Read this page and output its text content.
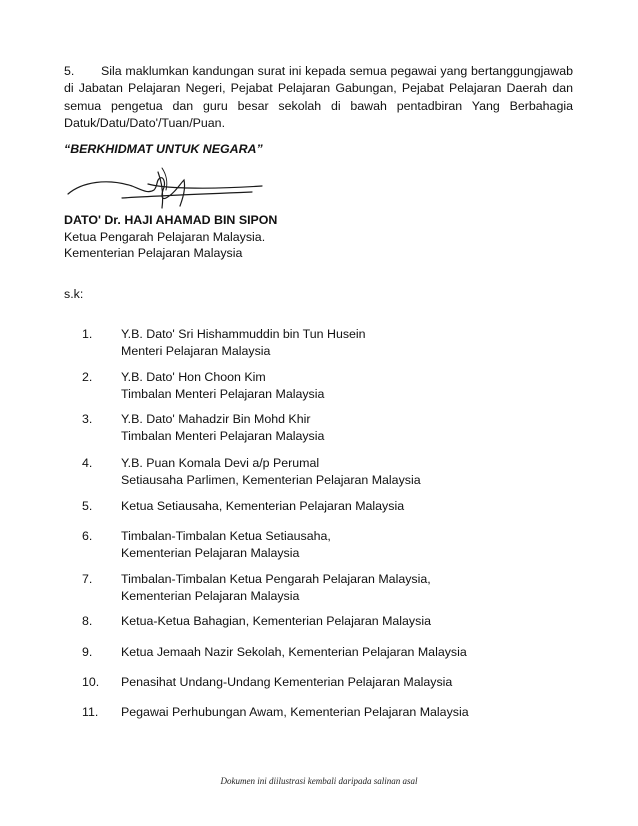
5. Sila maklumkan kandungan surat ini kepada semua pegawai yang bertanggungjawab di Jabatan Pelajaran Negeri, Pejabat Pelajaran Gabungan, Pejabat Pelajaran Daerah dan semua pengetua dan guru besar sekolah di bawah pentadbiran Yang Berbahagia Datuk/Datu/Dato'/Tuan/Puan.
“BERKHIDMAT UNTUK NEGARA”
DATO' Dr. HAJI AHAMAD BIN SIPON
Ketua Pengarah Pelajaran Malaysia.
Kementerian Pelajaran Malaysia
s.k:
1. Y.B. Dato' Sri Hishammuddin bin Tun Husein
Menteri Pelajaran Malaysia
2. Y.B. Dato' Hon Choon Kim
Timbalan Menteri Pelajaran Malaysia
3. Y.B. Dato' Mahadzir Bin Mohd Khir
Timbalan Menteri Pelajaran Malaysia
4. Y.B. Puan Komala Devi a/p Perumal
Setiausaha Parlimen, Kementerian Pelajaran Malaysia
5. Ketua Setiausaha, Kementerian Pelajaran Malaysia
6. Timbalan-Timbalan Ketua Setiausaha,
Kementerian Pelajaran Malaysia
7. Timbalan-Timbalan Ketua Pengarah Pelajaran Malaysia,
Kementerian Pelajaran Malaysia
8. Ketua-Ketua Bahagian, Kementerian Pelajaran Malaysia
9. Ketua Jemaah Nazir Sekolah, Kementerian Pelajaran Malaysia
10. Penasihat Undang-Undang Kementerian Pelajaran Malaysia
11. Pegawai Perhubungan Awam, Kementerian Pelajaran Malaysia
Dokumen ini diilustrasi kembali daripada salinan asal
